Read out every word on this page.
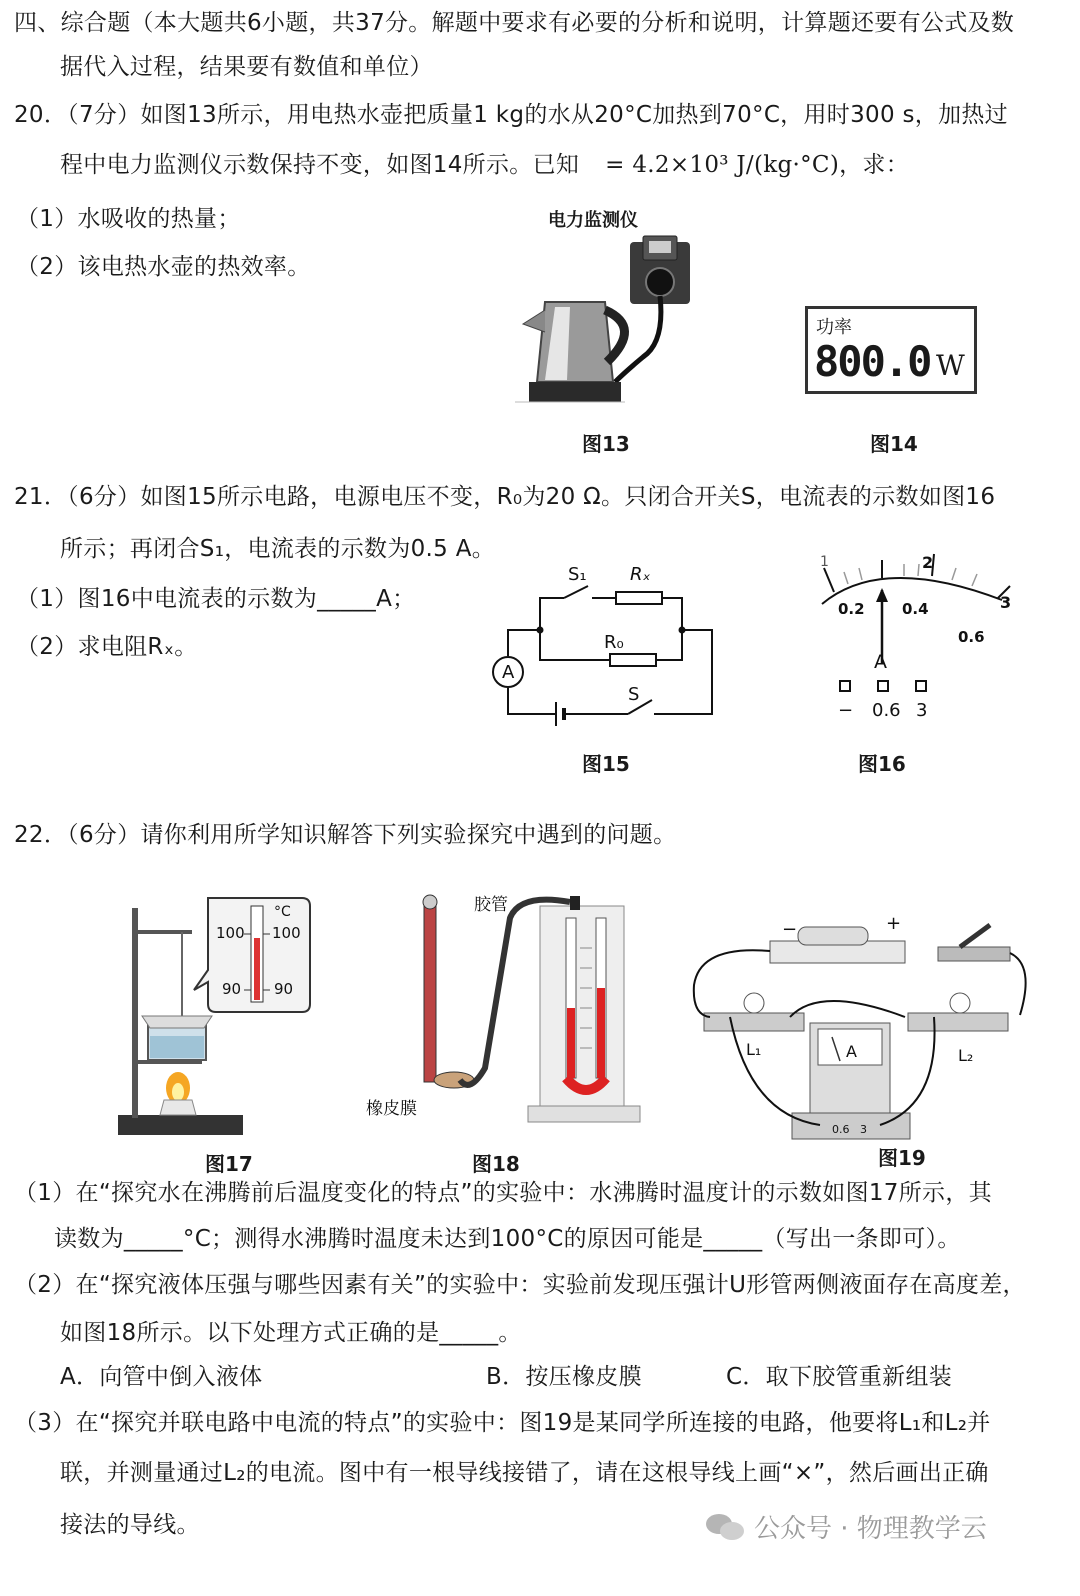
四、综合题（本大题共6小题，共37分。解题中要求有必要的分析和说明，计算题还要有公式及数
据代入过程，结果要有数值和单位）
20．（7分）如图13所示，用电热水壶把质量1 kg的水从20°C加热到70°C，用时300 s，加热过
程中电力监测仪示数保持不变，如图14所示。已知 = 4.2×10³ J/(kg·°C)，求：
（1）水吸收的热量；
（2）该电热水壶的热效率。
电力监测仪
图13
功率
800.0 W
图14
21．（6分）如图15所示电路，电源电压不变，R₀为20 Ω。只闭合开关S，电流表的示数如图16
所示；再闭合S₁，电流表的示数为0.5 A。
（1）图16中电流表的示数为_____A；
（2）求电阻Rₓ。
S₁ Rₓ
R₀
A
S
图15
1	2
3
0.2 0.4
0.6
A
− 0.6 3
图16
22．（6分）请你利用所学知识解答下列实验探究中遇到的问题。
°C
100 100
90 90
图17
胶管
橡皮膜
图18
−	+
L₁	L₂
A
0.6 3
图19
（1）在“探究水在沸腾前后温度变化的特点”的实验中：水沸腾时温度计的示数如图17所示，其
读数为_____°C；测得水沸腾时温度未达到100°C的原因可能是_____（写出一条即可）。
（2）在“探究液体压强与哪些因素有关”的实验中：实验前发现压强计U形管两侧液面存在高度差，
如图18所示。以下处理方式正确的是_____。
A．向管中倒入液体	B．按压橡皮膜	C．取下胶管重新组装
（3）在“探究并联电路中电流的特点”的实验中：图19是某同学所连接的电路，他要将L₁和L₂并
联，并测量通过L₂的电流。图中有一根导线接错了，请在这根导线上画“×”，然后画出正确
接法的导线。	公众号 · 物理教学云
